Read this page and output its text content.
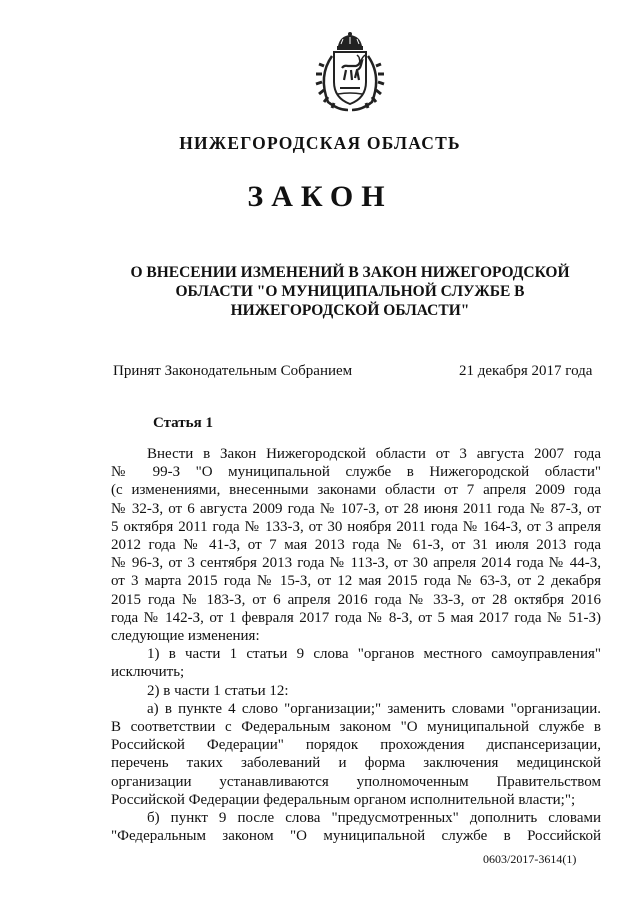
НИЖЕГОРОДСКАЯ ОБЛАСТЬ
ЗАКОН
О ВНЕСЕНИИ ИЗМЕНЕНИЙ В ЗАКОН НИЖЕГОРОДСКОЙ
ОБЛАСТИ "О МУНИЦИПАЛЬНОЙ СЛУЖБЕ В
НИЖЕГОРОДСКОЙ ОБЛАСТИ"
Принят Законодательным Собранием	21 декабря 2017 года
Статья 1
Внести в Закон Нижегородской области от 3 августа 2007 года
№ 99-З "О муниципальной службе в Нижегородской области"
(с изменениями, внесенными законами области от 7 апреля 2009 года
№ 32-З, от 6 августа 2009 года № 107-З, от 28 июня 2011 года № 87-З, от
5 октября 2011 года № 133-З, от 30 ноября 2011 года № 164-З, от 3 апреля
2012 года № 41-З, от 7 мая 2013 года № 61-З, от 31 июля 2013 года
№ 96-З, от 3 сентября 2013 года № 113-З, от 30 апреля 2014 года № 44-З,
от 3 марта 2015 года № 15-З, от 12 мая 2015 года № 63-З, от 2 декабря
2015 года № 183-З, от 6 апреля 2016 года № 33-З, от 28 октября 2016
года № 142-З, от 1 февраля 2017 года № 8-З, от 5 мая 2017 года № 51-З)
следующие изменения:
1) в части 1 статьи 9 слова "органов местного самоуправления"
исключить;
2) в части 1 статьи 12:
а) в пункте 4 слово "организации;" заменить словами "организации.
В соответствии с Федеральным законом "О муниципальной службе в
Российской Федерации" порядок прохождения диспансеризации,
перечень таких заболеваний и форма заключения медицинской
организации устанавливаются уполномоченным Правительством
Российской Федерации федеральным органом исполнительной власти;";
б) пункт 9 после слова "предусмотренных" дополнить словами
"Федеральным законом "О муниципальной службе в Российской
0603/2017-3614(1)
